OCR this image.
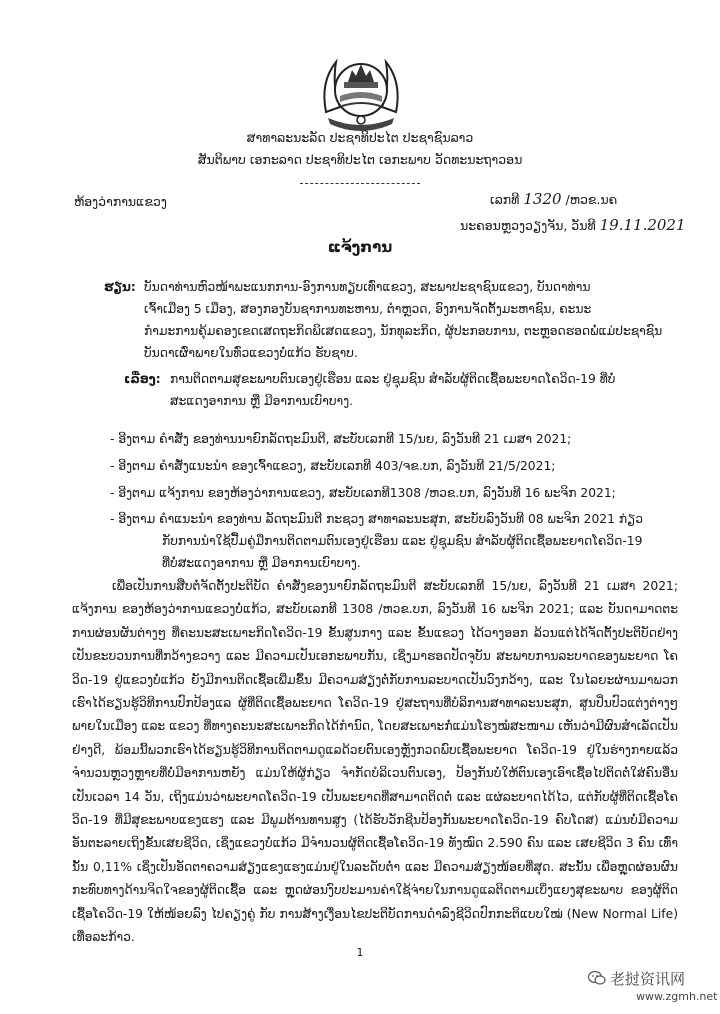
ສາທາລະນະລັດ ປະຊາທິປະໄຕ ປະຊາຊົນລາວ
ສັນຕິພາບ ເອກະລາດ ປະຊາທິປະໄຕ ເອກະພາບ ວັດທະນະຖາວອນ
ຫ້ອງວ່າການແຂວງ	ເລກທີ 1320 /ຫວຂ.ນຄ
ນະຄອນຫຼວງວຽງຈັນ, ວັນທີ 19.11.2021
ແຈ້ງການ
ຮຽນ: ບັນດາທ່ານຫົວໜ້າພະແນກການ-ອົງການທຽບເທົ່າແຂວງ, ສະພາປະຊາຊົນແຂວງ, ບັນດາທ່ານ
ເຈົ້າເມືອງ 5 ເມືອງ, ສອງກອງບັນຊາການທະຫານ, ຕໍາຫຼວດ, ອົງການຈັດຕັ້ງມະຫາຊົນ, ຄະນະ
ກຳມະການຄຸ້ມຄອງເຂດເສດຖະກິດພິເສດແຂວງ, ນັກທຸລະກິດ, ຜູ້ປະກອບການ, ຕະຫຼອດຮອດພໍ່ແມ່ປະຊາຊົນ
ບັນດາເຜົ່າພາຍໃນທົ່ວແຂວງບໍ່ແກ້ວ ຮັບຊາບ.
ເລື່ອງ: ການຕິດຕາມສຸຂະພາບຕົນເອງຢູ່ເຮືອນ ແລະ ຢູ່ຊຸມຊົນ ສຳລັບຜູ້ຕິດເຊື້ອພະຍາດໂຄວິດ-19 ທີ່ບໍ່
ສະແດງອາການ ຫຼື ມີອາການເບົາບາງ.
- ອີງຕາມ ຄໍາສັ່ງ ຂອງທ່ານນາຍົກລັດຖະມົນຕີ, ສະບັບເລກທີ 15/ນຍ, ລົງວັນທີ 21 ເມສາ 2021;
- ອີງຕາມ ຄໍາສັ່ງແນະນຳ ຂອງເຈົ້າແຂວງ, ສະບັບເລກທີ 403/ຈຂ.ບກ, ລົງວັນທີ 21/5/2021;
- ອີງຕາມ ແຈ້ງການ ຂອງຫ້ອງວ່າການແຂວງ, ສະບັບເລກທີ1308 /ຫວຂ.ບກ, ລົງວັນທີ 16 ພະຈິກ 2021;
- ອີງຕາມ ຄໍາແນະນຳ ຂອງທ່ານ ລັດຖະມົນຕີ ກະຊວງ ສາທາລະນະສຸກ, ສະບັບລົງວັນທີ 08 ພະຈິກ 2021 ກ່ຽວ
ກັບການນໍາໃຊ້ປື້ມຄູ່ມືການຕິດຕາມຕົນເອງຢູ່ເຮືອນ ແລະ ຢູ່ຊຸມຊົນ ສໍາລັບຜູ້ຕິດເຊື້ອພະຍາດໂຄວິດ-19
ທີ່ບໍ່ສະແດງອາການ ຫຼື ມີອາການເບົາບາງ.
ເພື່ອເປັນການສືບຕໍ່ຈັດຕັ້ງປະຕິບັດ ຄໍາສັ່ງຂອງນາຍົກລັດຖະມົນຕີ ສະບັບເລກທີ 15/ນຍ, ລົງວັນທີ 21 ເມສາ 2021; ແຈ້ງການ ຂອງຫ້ອງວ່າການແຂວງບໍ່ແກ້ວ, ສະບັບເລກທີ 1308 /ຫວຂ.ບກ, ລົງວັນທີ 16 ພະຈິກ 2021; ແລະ ບັນດາມາດຕະການຜ່ອນຜັນຕ່າງໆ ທີ່ຄະນະສະເພາະກິດໂຄວິດ-19 ຂັ້ນສູນກາງ ແລະ ຂັ້ນແຂວງ ໄດ້ວາງອອກ ລ້ວນແຕ່ໄດ້ຈັດຕັ້ງປະຕິບັດຢ່າງເປັນຂະບວນການທີ່ກວ້າງຂວາງ ແລະ ມີຄວາມເປັນເອກະພາບກັນ, ເຊິ່ງມາຮອດປັດຈຸບັນ ສະພາບການລະບາດຂອງພະຍາດ ໂຄວິດ-19 ຢູ່ແຂວງບໍ່ແກ້ວ ຍັງມີການຕິດເຊື້ອເພີ່ມຂຶ້ນ ມີຄວາມສ່ຽງຕໍ່ກັບການລະບາດເປັນວົງກວ້າງ, ແລະ ໃນໄລຍະຜ່ານມາພວກເຮົາໄດ້ຮຽນຮູ້ວິທີການປົກປ້ອງແລ ຜູ້ທີ່ຕິດເຊື້ອພະຍາດ ໂຄວິດ-19 ຢູ່ສະຖານທີ່ບໍລິການສາທາລະນະສຸກ, ສູນປິ່ນປົວແຕ່ງຕ່າງໆ ພາຍໃນເມືອງ ແລະ ແຂວງ ທີ່ທາງຄະນະສະເພາະກິດໄດ້ກຳນົດ, ໂດຍສະເພາະກໍ່ແມ່ນໂຮງໝໍສະໜາມ ເຫັນວ່າມີຜົນສໍາເລັດເປັນຢ່າງດີ, ພ້ອມນີ້ພວກເຮົາໄດ້ຮຽນຮູ້ວິທີການຕິດຕາມດູແລດ້ວຍຕົນເອງຫຼັງກວດພົບເຊື້ອພະຍາດ ໂຄວິດ-19 ຢູ່ໃນຮ່າງກາຍແລ້ວ ຈໍານວນຫຼວງຫຼາຍທີ່ບໍ່ມີອາການຫຍັງ ແມ່ນໃຫ້ຜູ້ກ່ຽວ ຈໍາກັດບໍລິເວນຕົນເອງ, ປ້ອງກັນບໍ່ໃຫ້ຕົນເອງເອົາເຊື້ອໄປຕິດຕໍ່ໃສ່ຄົນອື່ນ ເປັນເວລາ 14 ວັນ, ເຖິງແມ່ນວ່າພະຍາດໂຄວິດ-19 ເປັນພະຍາດທີ່ສາມາດຕິດຕໍ່ ແລະ ແຜ່ລະບາດໄດ້ໄວ, ແຕ່ກັບຜູ້ທີ່ຕິດເຊື້ອໂຄວິດ-19 ທີ່ມີສຸຂະພາບແຂງແຮງ ແລະ ມີພູມຕ້ານທານສູງ (ໄດ້ຮັບວັກຊີນປ້ອງກັນພະຍາດໂຄວິດ-19 ຄົບໂດສ) ແມ່ນບໍ່ມີຄວາມອັນຕະລາຍເຖິງຂັ້ນເສຍຊີວິດ, ເຊິ່ງແຂວງບໍ່ແກ້ວ ມີຈໍານວນຜູ້ຕິດເຊື້ອໂຄວິດ-19 ທັງໝົດ 2.590 ຄົນ ແລະ ເສຍຊີວິດ 3 ຄົນ ເທົ່ານັ້ນ 0,11% ເຊິ່ງເປັນອັດຕາຄວາມສ່ຽງແຂງແຮງແມ່ນຢູ່ໃນລະດັບຕ່ຳ ແລະ ມີຄວາມສ່ຽງໜ້ອຍທີ່ສຸດ. ສະນັ້ນ ເພື່ອຫຼຸດຜ່ອນຜົນກະທົບທາງດ້ານຈິດໃຈຂອງຜູ້ຕິດເຊື້ອ ແລະ ຫຼຸດຜ່ອນງົບປະມານຄ່າໃຊ້ຈ່າຍໃນການດູແລຕິດຕາມເບິ່ງແຍງສຸຂະພາບ ຂອງຜູ້ຕິດເຊື້ອໂຄວິດ-19 ໃຫ້ໜ້ອຍລົງ ໄປຄຽງຄູ່ ກັບ ການສ້າງເງື່ອນໄຂປະຕິບັດການດໍາລົງຊີວິດປົກກະຕິແບບໃໝ່ (New Normal Life) ເທື່ອລະກ້າວ.
1
老挝资讯网
www.zgmh.net
